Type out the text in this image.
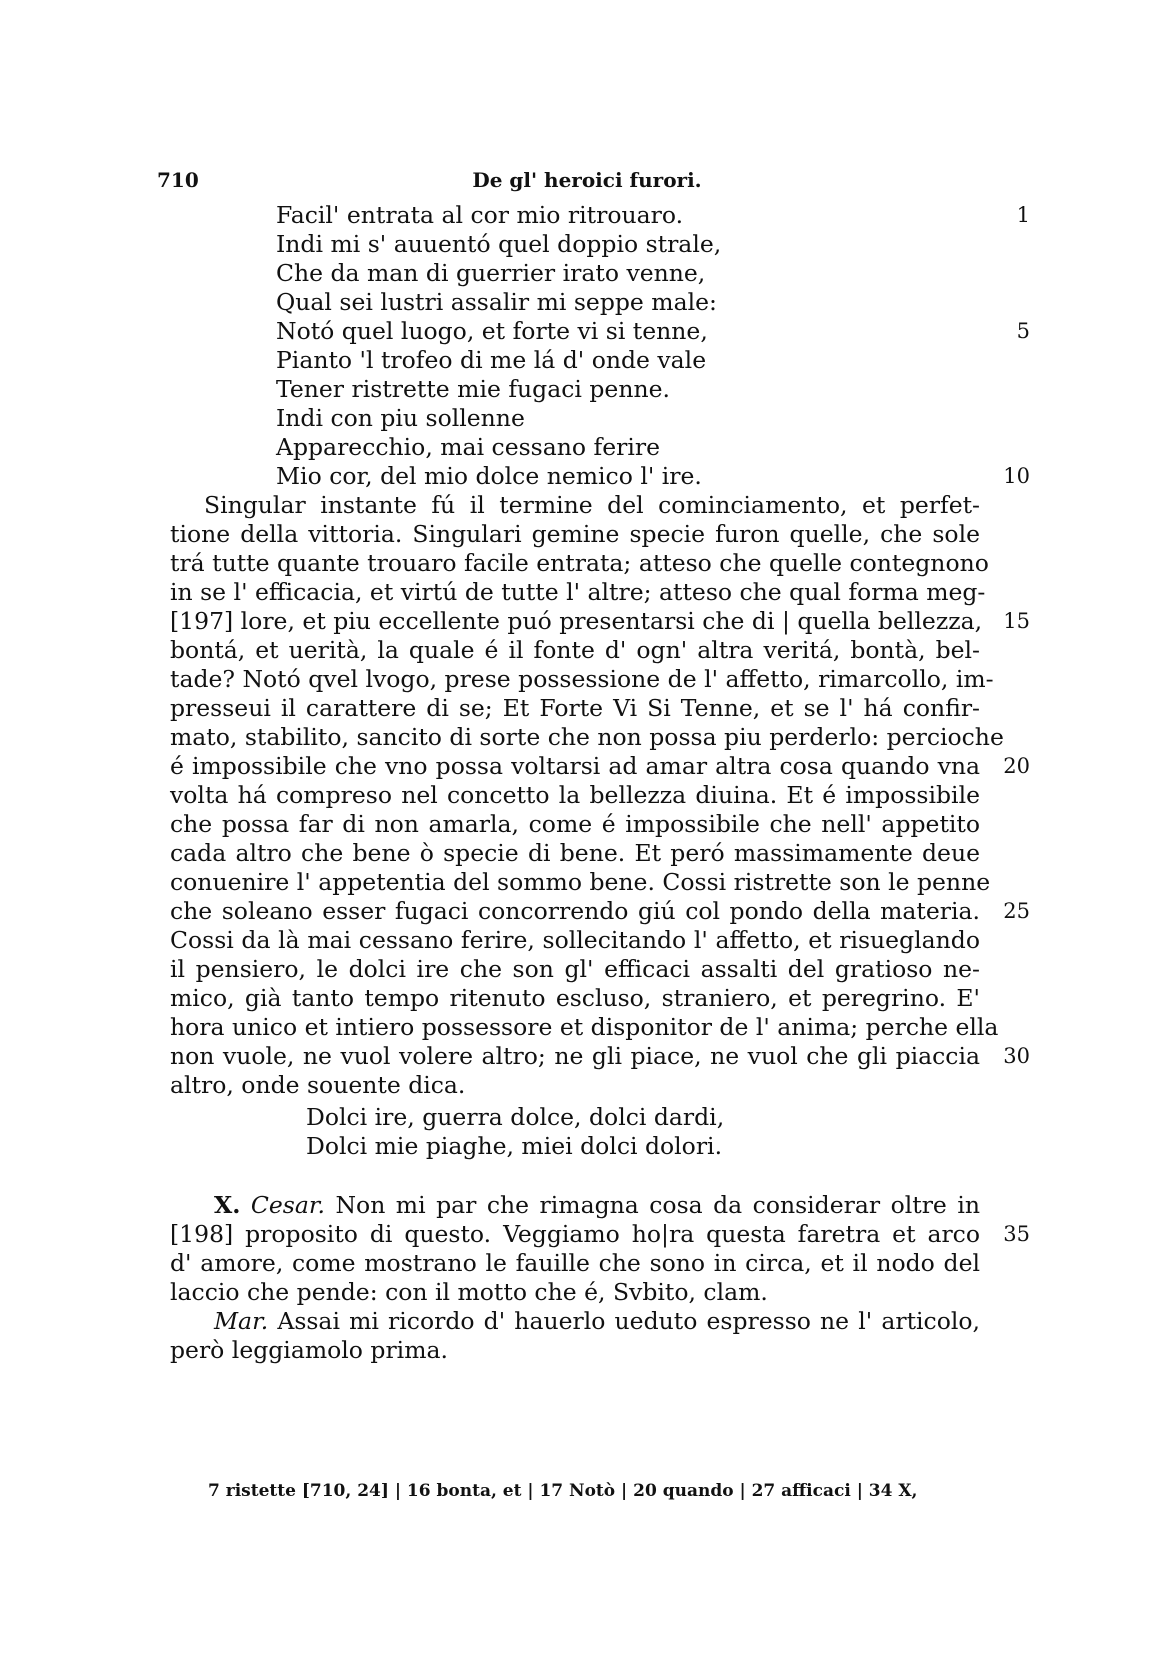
710	De gl' heroici furori.
Facil' entrata al cor mio ritrouaro.
Indi mi s' auuentó quel doppio strale,
Che da man di guerrier irato venne,
Qual sei lustri assalir mi seppe male:
Notó quel luogo, et forte vi si tenne,
Pianto 'l trofeo di me lá d' onde vale
Tener ristrette mie fugaci penne.
Indi con piu sollenne
Apparecchio, mai cessano ferire
Mio cor, del mio dolce nemico l' ire.
Singular instante fú il termine del cominciamento, et perfet-
tione della vittoria. Singulari gemine specie furon quelle, che sole
trá tutte quante trouaro facile entrata; atteso che quelle contegnono
in se l' efficacia, et virtú de tutte l' altre; atteso che qual forma meg-
[197] lore, et piu eccellente puó presentarsi che di | quella bellezza,
bontá, et uerità, la quale é il fonte d' ogn' altra veritá, bontà, bel-
tade? Notó qvel lvogo, prese possessione de l' affetto, rimarcollo, im-
presseui il carattere di se; Et Forte Vi Si Tenne, et se l' há confir-
mato, stabilito, sancito di sorte che non possa piu perderlo: percioche
é impossibile che vno possa voltarsi ad amar altra cosa quando vna
volta há compreso nel concetto la bellezza diuina. Et é impossibile
che possa far di non amarla, come é impossibile che nell' appetito
cada altro che bene ò specie di bene. Et peró massimamente deue
conuenire l' appetentia del sommo bene. Cossi ristrette son le penne
che soleano esser fugaci concorrendo giú col pondo della materia.
Cossi da là mai cessano ferire, sollecitando l' affetto, et risueglando
il pensiero, le dolci ire che son gl' efficaci assalti del gratioso ne-
mico, già tanto tempo ritenuto escluso, straniero, et peregrino. E'
hora unico et intiero possessore et disponitor de l' anima; perche ella
non vuole, ne vuol volere altro; ne gli piace, ne vuol che gli piaccia
altro, onde souente dica.
Dolci ire, guerra dolce, dolci dardi,
Dolci mie piaghe, miei dolci dolori.
X. Cesar. Non mi par che rimagna cosa da considerar oltre in
[198] proposito di questo. Veggiamo ho|ra questa faretra et arco
d' amore, come mostrano le fauille che sono in circa, et il nodo del
laccio che pende: con il motto che é, Svbito, clam.
Mar. Assai mi ricordo d' hauerlo ueduto espresso ne l' articolo,
però leggiamolo prima.
1
5
10
15
20
25
30
35
7 ristette [710, 24] | 16 bonta, et | 17 Notò | 20 quando | 27 afficaci | 34 X,
